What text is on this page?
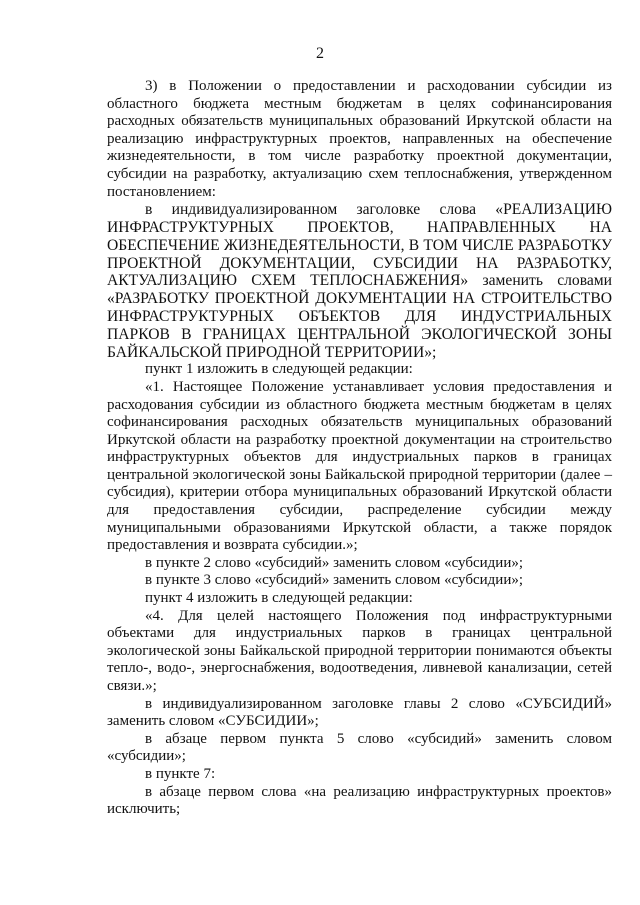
2

3) в Положении о предоставлении и расходовании субсидии из областного бюджета местным бюджетам в целях софинансирования расходных обязательств муниципальных образований Иркутской области на реализацию инфраструктурных проектов, направленных на обеспечение жизнедеятельности, в том числе разработку проектной документации, субсидии на разработку, актуализацию схем теплоснабжения, утвержденном постановлением:

в индивидуализированном заголовке слова «РЕАЛИЗАЦИЮ ИНФРАСТРУКТУРНЫХ ПРОЕКТОВ, НАПРАВЛЕННЫХ НА ОБЕСПЕЧЕНИЕ ЖИЗНЕДЕЯТЕЛЬНОСТИ, В ТОМ ЧИСЛЕ РАЗРАБОТКУ ПРОЕКТНОЙ ДОКУМЕНТАЦИИ, СУБСИДИИ НА РАЗРАБОТКУ, АКТУАЛИЗАЦИЮ СХЕМ ТЕПЛОСНАБЖЕНИЯ» заменить словами «РАЗРАБОТКУ ПРОЕКТНОЙ ДОКУМЕНТАЦИИ НА СТРОИТЕЛЬСТВО ИНФРАСТРУКТУРНЫХ ОБЪЕКТОВ ДЛЯ ИНДУСТРИАЛЬНЫХ ПАРКОВ В ГРАНИЦАХ ЦЕНТРАЛЬНОЙ ЭКОЛОГИЧЕСКОЙ ЗОНЫ БАЙКАЛЬСКОЙ ПРИРОДНОЙ ТЕРРИТОРИИ»;

пункт 1 изложить в следующей редакции:

«1. Настоящее Положение устанавливает условия предоставления и расходования субсидии из областного бюджета местным бюджетам в целях софинансирования расходных обязательств муниципальных образований Иркутской области на разработку проектной документации на строительство инфраструктурных объектов для индустриальных парков в границах центральной экологической зоны Байкальской природной территории (далее – субсидия), критерии отбора муниципальных образований Иркутской области для предоставления субсидии, распределение субсидии между муниципальными образованиями Иркутской области, а также порядок предоставления и возврата субсидии.»;

в пункте 2 слово «субсидий» заменить словом «субсидии»;

в пункте 3 слово «субсидий» заменить словом «субсидии»;

пункт 4 изложить в следующей редакции:

«4. Для целей настоящего Положения под инфраструктурными объектами для индустриальных парков в границах центральной экологической зоны Байкальской природной территории понимаются объекты тепло-, водо-, энергоснабжения, водоотведения, ливневой канализации, сетей связи.»;

в индивидуализированном заголовке главы 2 слово «СУБСИДИЙ» заменить словом «СУБСИДИИ»;

в абзаце первом пункта 5 слово «субсидий» заменить словом «субсидии»;

в пункте 7:

в абзаце первом слова «на реализацию инфраструктурных проектов» исключить;
